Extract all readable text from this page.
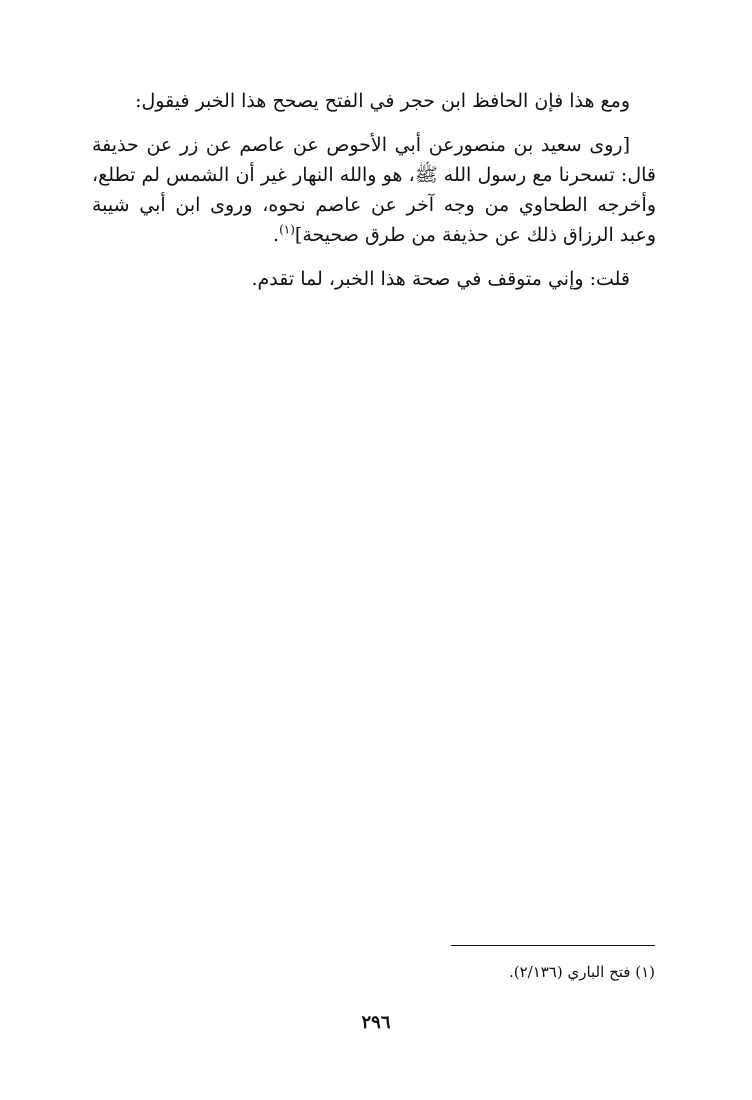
ومع هذا فإن الحافظ ابن حجر في الفتح يصحح هذا الخبر فيقول:

[روى سعيد بن منصورعن أبي الأحوص عن عاصم عن زر عن حذيفة قال: تسحرنا مع رسول الله ﷺ، هو والله النهار غير أن الشمس لم تطلع، وأخرجه الطحاوي من وجه آخر عن عاصم نحوه، وروى ابن أبي شيبة وعبد الرزاق ذلك عن حذيفة من طرق صحيحة]$^{(١)}$.

قلت: وإني متوقف في صحة هذا الخبر، لما تقدم.

(١) فتح الباري (٢/١٣٦).
٢٩٦
